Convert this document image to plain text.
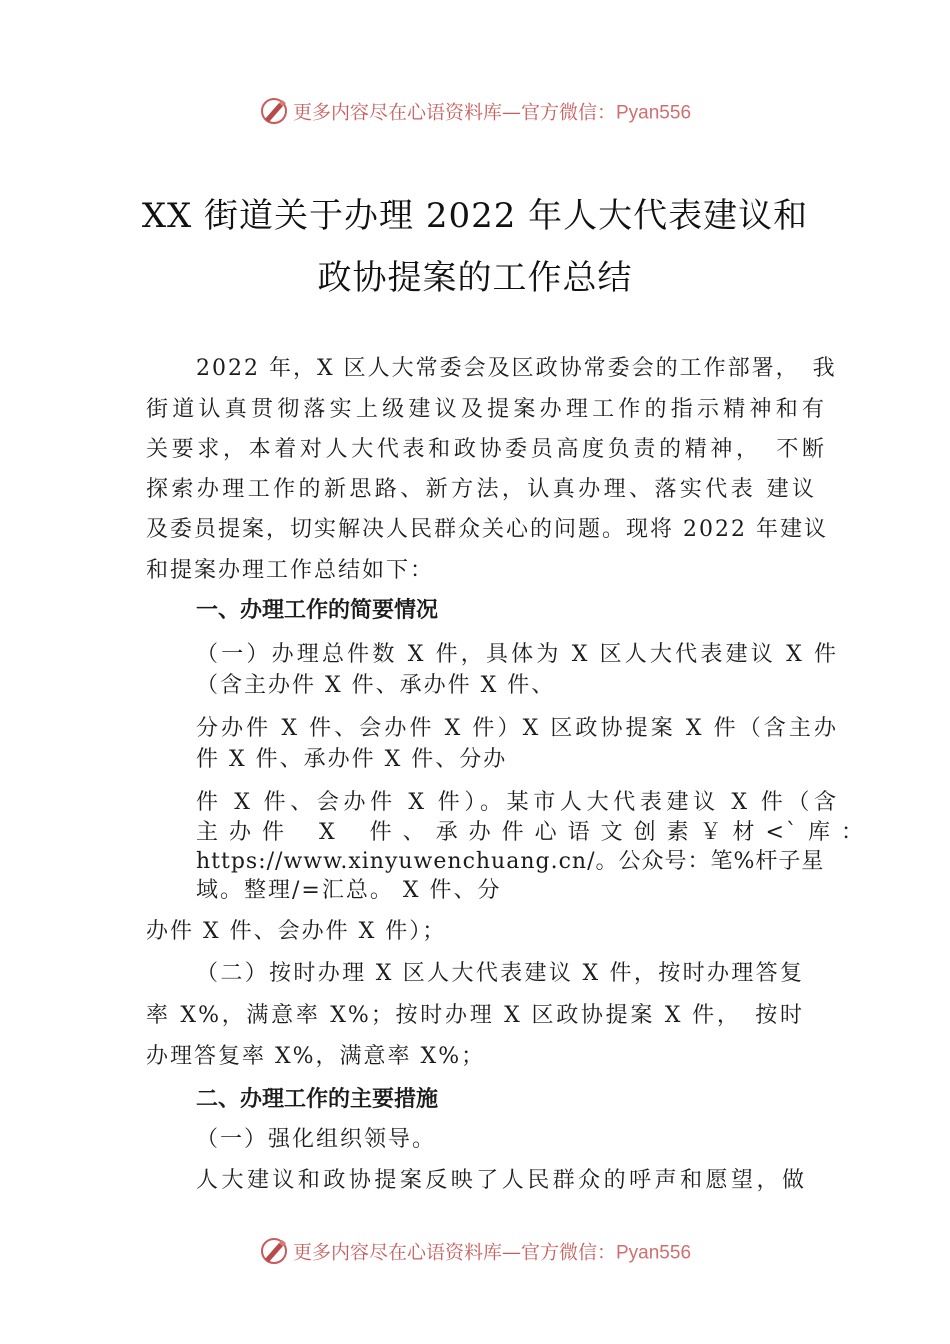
更多内容尽在心语资料库—官方微信：Pyan556
XX 街道关于办理 2022 年人大代表建议和
政协提案的工作总结
2022 年，X 区人大常委会及区政协常委会的工作部署，　我
街道认真贯彻落实上级建议及提案办理工作的指示精神和有
关要求，本着对人大代表和政协委员高度负责的精神，　不断
探索办理工作的新思路、新方法，认真办理、落实代表 建议
及委员提案，切实解决人民群众关心的问题。现将 2022 年建议
和提案办理工作总结如下：
一、办理工作的简要情况
（一）办理总件数 X 件，具体为 X 区人大代表建议 X 件
（含主办件 X 件、承办件 X 件、
分办件 X 件、会办件 X 件）X 区政协提案 X 件（含主办
件 X 件、承办件 X 件、分办
件 X 件、会办件 X 件）。某市人大代表建议 X 件（含
主 办 件　 X　 件 、 承 办 件 心 语 文 创 素 ￥ 材 <` 库 ：
https://www.xinyuwenchuang.cn/。公众号：笔%杆子星
域。整理/=汇总。 X 件、分
办件 X 件、会办件 X 件）；
（二）按时办理 X 区人大代表建议 X 件，按时办理答复
率 X%，满意率 X%；按时办理 X 区政协提案 X 件，　按时
办理答复率 X%，满意率 X%；
二、办理工作的主要措施
（一）强化组织领导。
人大建议和政协提案反映了人民群众的呼声和愿望，做
更多内容尽在心语资料库—官方微信：Pyan556
